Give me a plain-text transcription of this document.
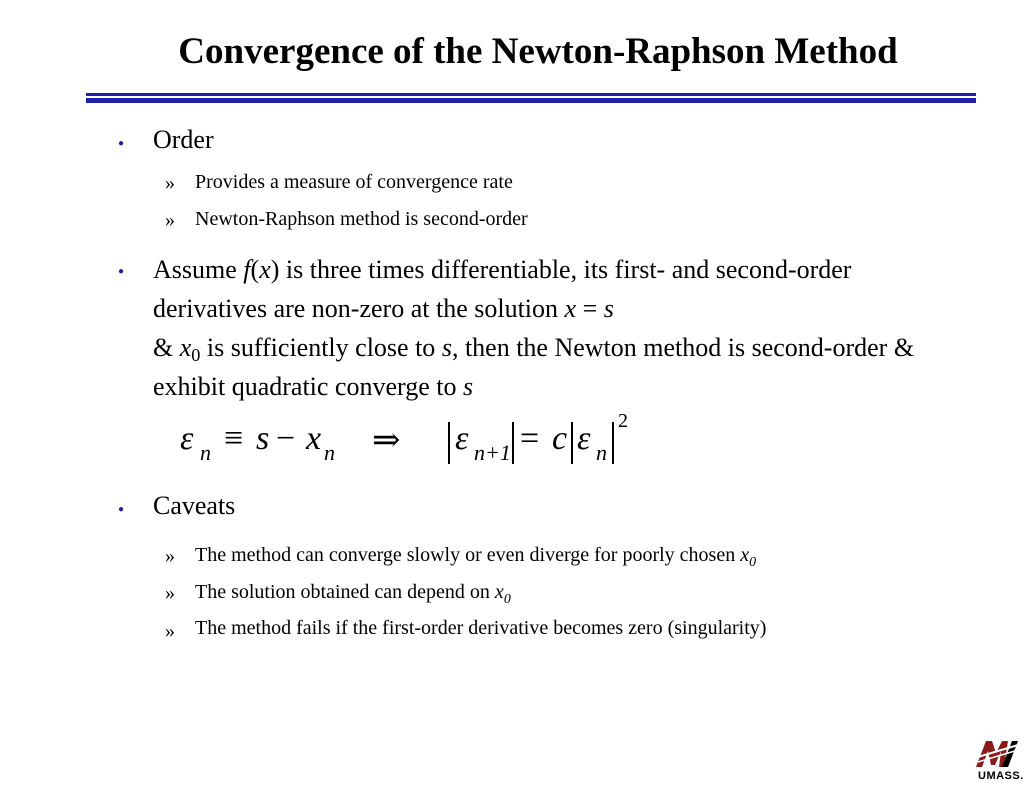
Convergence of the Newton-Raphson Method
● Order
» Provides a measure of convergence rate
» Newton-Raphson method is second-order
● Assume f(x) is three times differentiable, its first- and second-order derivatives are non-zero at the solution x = s
& $x_0$ is sufficiently close to s, then the Newton method is second-order & exhibit quadratic converge to s
ε n ≡ s − x n ⇒ ε n+1 = c ε n
2
● Caveats
» The method can converge slowly or even diverge for poorly chosen $x_0$
» The solution obtained can depend on $x_0$
» The method fails if the first-order derivative becomes zero (singularity)
UMASS.
